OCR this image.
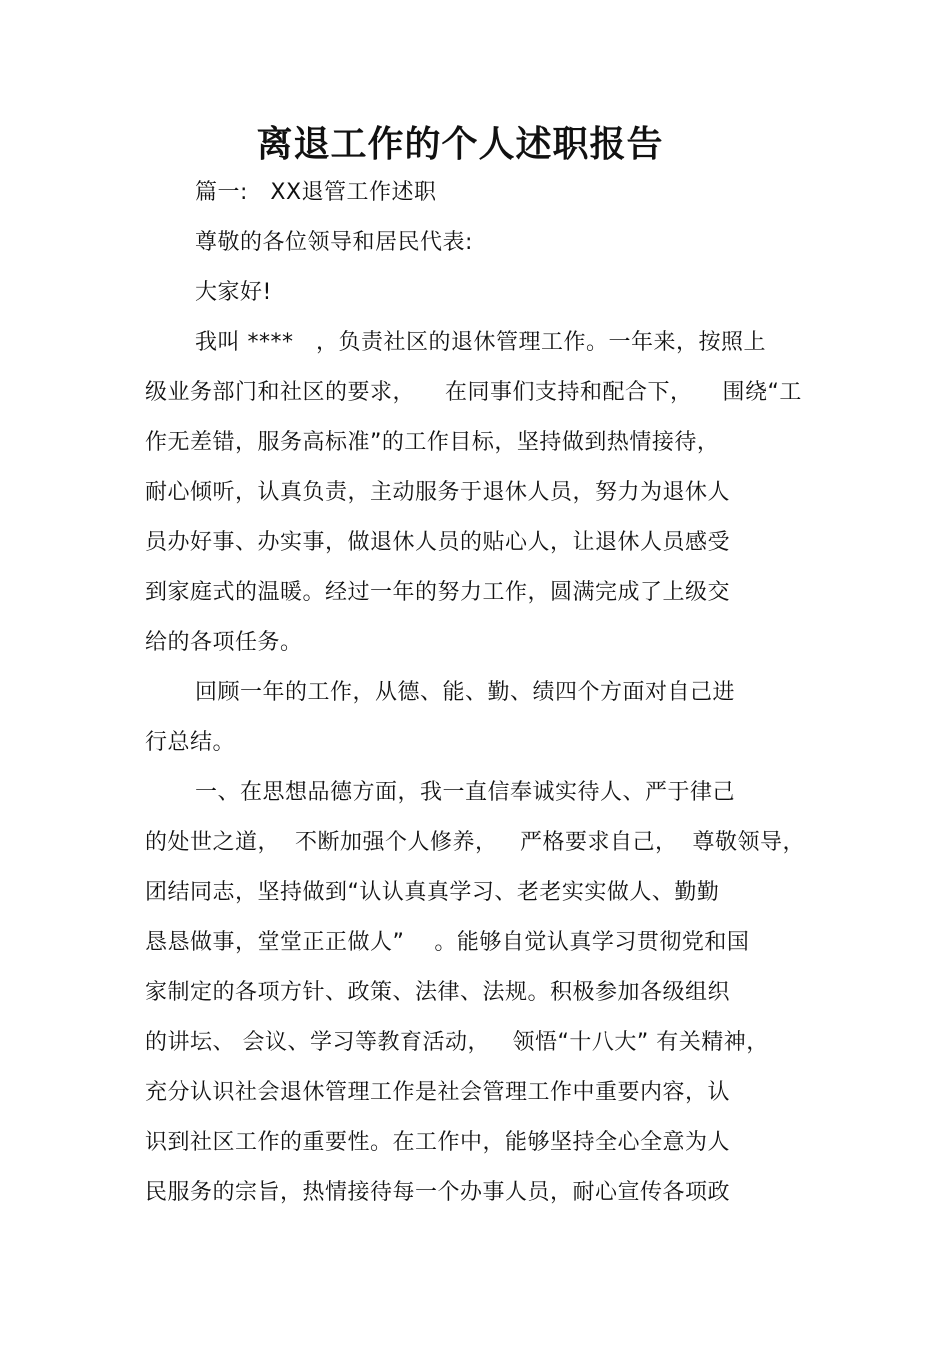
离退工作的个人述职报告
篇一:   XX退管工作述职
尊敬的各位领导和居民代表:
大家好!
我叫 ****   ，负责社区的退休管理工作。一年来，按照上
级业务部门和社区的要求，    在同事们支持和配合下，    围绕“工
作无差错，服务高标准”的工作目标，坚持做到热情接待，
耐心倾听，认真负责，主动服务于退休人员，努力为退休人
员办好事、办实事，做退休人员的贴心人，让退休人员感受
到家庭式的温暖。经过一年的努力工作，圆满完成了上级交
给的各项任务。
回顾一年的工作，从德、能、勤、绩四个方面对自己进
行总结。
一、在思想品德方面，我一直信奉诚实待人、严于律己
的处世之道，  不断加强个人修养，   严格要求自己，  尊敬领导，
团结同志，坚持做到“认认真真学习、老老实实做人、勤勤
恳恳做事，堂堂正正做人”    。能够自觉认真学习贯彻党和国
家制定的各项方针、政策、法律、法规。积极参加各级组织
的讲坛、 会议、学习等教育活动，   领悟“十八大” 有关精神，
充分认识社会退休管理工作是社会管理工作中重要内容，认
识到社区工作的重要性。在工作中，能够坚持全心全意为人
民服务的宗旨，热情接待每一个办事人员，耐心宣传各项政
